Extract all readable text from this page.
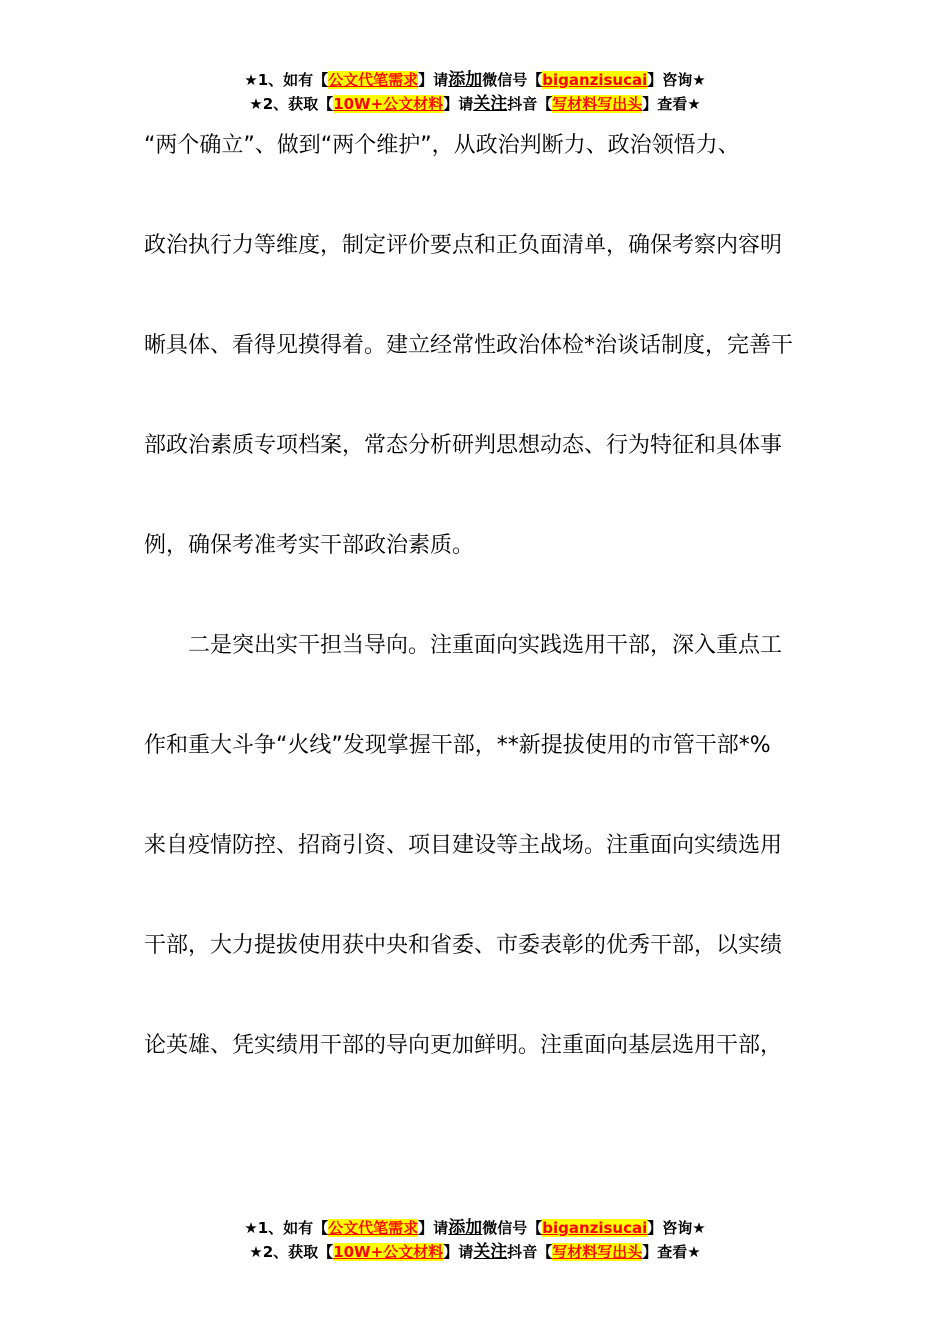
★1、如有【公文代笔需求】请添加微信号【biganzisucai】咨询★
★2、获取【10W+公文材料】请关注抖音【写材料写出头】查看★
“两个确立”、做到“两个维护”，从政治判断力、政治领悟力、
政治执行力等维度，制定评价要点和正负面清单，确保考察内容明
晰具体、看得见摸得着。建立经常性政治体检*治谈话制度，完善干
部政治素质专项档案，常态分析研判思想动态、行为特征和具体事
例，确保考准考实干部政治素质。
　　二是突出实干担当导向。注重面向实践选用干部，深入重点工
作和重大斗争“火线”发现掌握干部，**新提拔使用的市管干部*%
来自疫情防控、招商引资、项目建设等主战场。注重面向实绩选用
干部，大力提拔使用获中央和省委、市委表彰的优秀干部，以实绩
论英雄、凭实绩用干部的导向更加鲜明。注重面向基层选用干部，
★1、如有【公文代笔需求】请添加微信号【biganzisucai】咨询★
★2、获取【10W+公文材料】请关注抖音【写材料写出头】查看★
